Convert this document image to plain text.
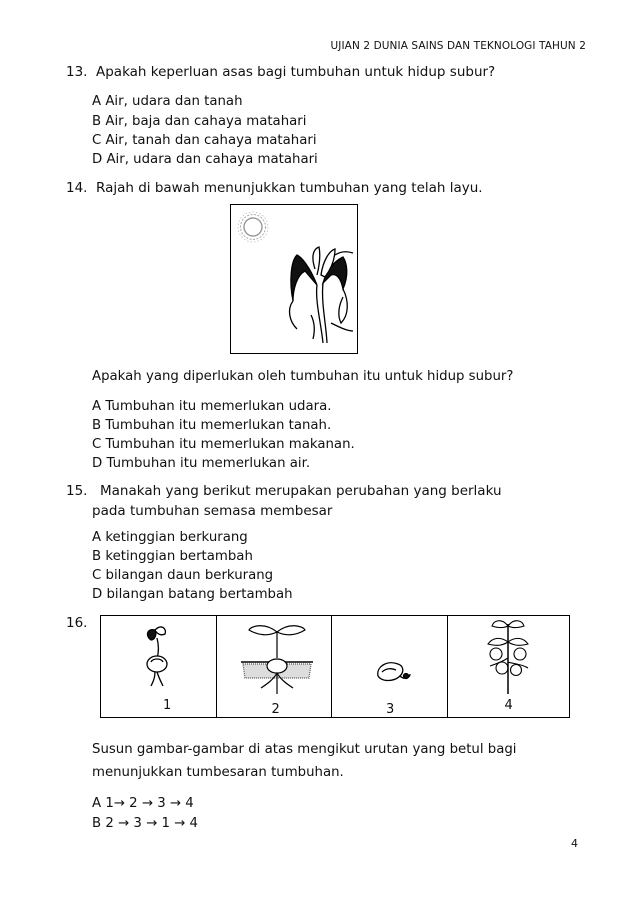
UJIAN 2 DUNIA SAINS DAN TEKNOLOGI TAHUN 2
13. Apakah keperluan asas bagi tumbuhan untuk hidup subur?
A Air, udara dan tanah
B Air, baja dan cahaya matahari
C Air, tanah dan cahaya matahari
D Air, udara dan cahaya matahari
14. Rajah di bawah menunjukkan tumbuhan yang telah layu.
Apakah yang diperlukan oleh tumbuhan itu untuk hidup subur?
A Tumbuhan itu memerlukan udara.
B Tumbuhan itu memerlukan tanah.
C Tumbuhan itu memerlukan makanan.
D Tumbuhan itu memerlukan air.
15. Manakah yang berikut merupakan perubahan yang berlaku
pada tumbuhan semasa membesar
A ketinggian berkurang
B ketinggian bertambah
C bilangan daun berkurang
D bilangan batang bertambah
16.
1	2	3	4
Susun gambar-gambar di atas mengikut urutan yang betul bagi
menunjukkan tumbesaran tumbuhan.
A 1→ 2 → 3 → 4
B 2 → 3 → 1 → 4
4
